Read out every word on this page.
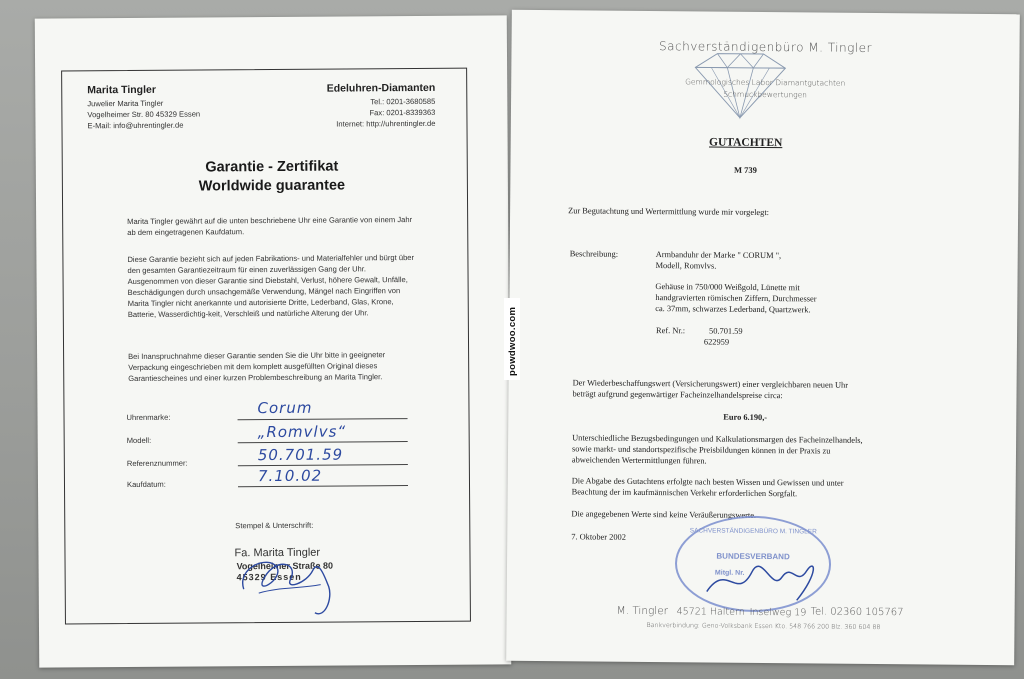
Marita Tingler
Juwelier Marita Tingler
Vogelheimer Str. 80 45329 Essen
E-Mail: info@uhrentingler.de
Edeluhren-Diamanten
Tel.: 0201-3680585
Fax: 0201-8339363
Internet: http://uhrentingler.de
Garantie - Zertifikat
Worldwide guarantee
Marita Tingler gewährt auf die unten beschriebene Uhr eine Garantie von einem Jahr ab dem eingetragenen Kaufdatum.
Diese Garantie bezieht sich auf jeden Fabrikations- und Materialfehler und bürgt über den gesamten Garantiezeitraum für einen zuverlässigen Gang der Uhr. Ausgenommen von dieser Garantie sind Diebstahl, Verlust, höhere Gewalt, Unfälle, Beschädigungen durch unsachgemäße Verwendung, Mängel nach Eingriffen von Marita Tingler nicht anerkannte und autorisierte Dritte, Lederband, Glas, Krone, Batterie, Wasserdichtig-keit, Verschleiß und natürliche Alterung der Uhr.
Bei Inanspruchnahme dieser Garantie senden Sie die Uhr bitte in geeigneter Verpackung eingeschrieben mit dem komplett ausgefüllten Original dieses Garantiescheines und einer kurzen Problembeschreibung an Marita Tingler.
Uhrenmarke:
Corum
Modell:	„Romvlvs“
Referenznummer:	50.701.59
Kaufdatum:	7.10.02
Stempel & Unterschrift:
Fa. Marita Tingler
Vogelheimer Straße 80
45329 Essen
Sachverständigenbüro M. Tingler
Gemmologisches Labor Diamantgutachten
Schmuckbewertungen
GUTACHTEN
M 739
Zur Begutachtung und Wertermittlung wurde mir vorgelegt:
Beschreibung:	Armbanduhr der Marke " CORUM ",
Modell, Romvlvs.
Gehäuse in 750/000 Weißgold, Lünette mit
handgravierten römischen Ziffern, Durchmesser
ca. 37mm, schwarzes Lederband, Quartzwerk.
Ref. Nr.:	50.701.59
622959
Der Wiederbeschaffungswert (Versicherungswert) einer vergleichbaren neuen Uhr
beträgt aufgrund gegenwärtiger Facheinzelhandelspreise circa:
Euro 6.190,-
Unterschiedliche Bezugsbedingungen und Kalkulationsmargen des Facheinzelhandels,
sowie markt- und standortspezifische Preisbildungen können in der Praxis zu
abweichenden Wertermittlungen führen.
Die Abgabe des Gutachtens erfolgte nach besten Wissen und Gewissen und unter
Beachtung der im kaufmännischen Verkehr erforderlichen Sorgfalt.
Die angegebenen Werte sind keine Veräußerungswerte.
7. Oktober 2002
SACHVERSTÄNDIGENBÜRO M. TINGLER
BUNDESVERBAND
Mitgl. Nr.
M. Tingler 45721 Haltern Inselweg 19 Tel. 02360 105767
Bankverbindung: Geno-Volksbank Essen Kto. 548 766 200 Blz. 360 604 88
powdwoo.com
